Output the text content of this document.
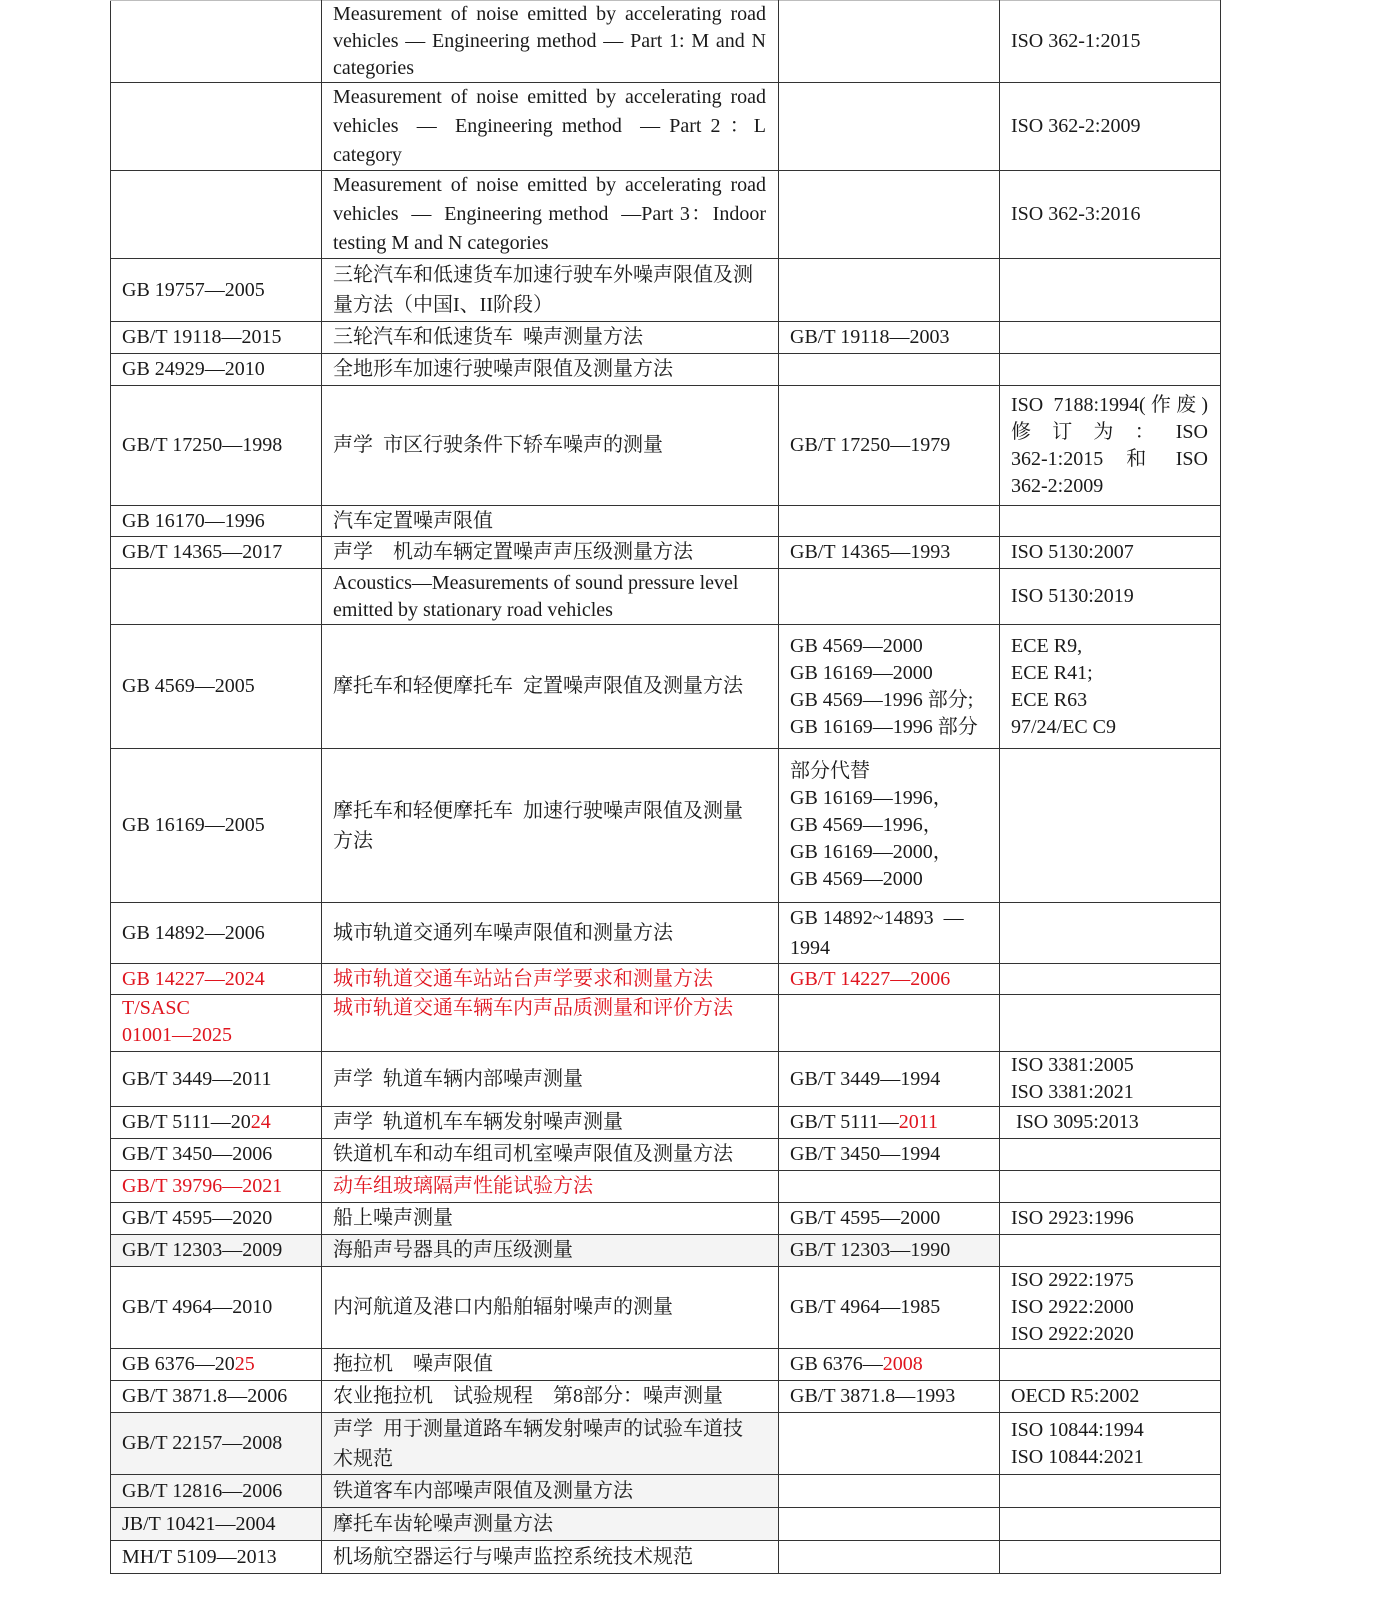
	Measurement of noise emitted by accelerating road
vehicles — Engineering method — Part 1: M and N
categories		ISO 362-1:2015

	Measurement of noise emitted by accelerating road
vehicles  —  Engineering method  — Part 2 ：L
category		ISO 362-2:2009

	Measurement of noise emitted by accelerating road
vehicles  —  Engineering method  —Part 3：Indoor
testing M and N categories		ISO 362-3:2016
GB 19757—2005	三轮汽车和低速货车加速行驶车外噪声限值及测
量方法（中国I、II阶段）		

GB/T 19118—2015	三轮汽车和低速货车  噪声测量方法	GB/T 19118—2003	
GB 24929—2010	全地形车加速行驶噪声限值及测量方法		
GB/T 17250—1998	声学  市区行驶条件下轿车噪声的测量	GB/T 17250—1979	ISO 7188:1994(作废)
修 订 为 ： ISO
362-1:2015  和  ISO
362-2:2009

GB 16170—1996	汽车定置噪声限值		
GB/T 14365—2017	声学    机动车辆定置噪声声压级测量方法	GB/T 14365—1993	ISO 5130:2007

	Acoustics—Measurements of sound pressure level
emitted by stationary road vehicles		ISO 5130:2019
GB 4569—2005	摩托车和轻便摩托车  定置噪声限值及测量方法	GB 4569—2000
GB 16169—2000
GB 4569—1996 部分;
GB 16169—1996 部分	ECE R9,
ECE R41;
ECE R63
97/24/EC C9

GB 16169—2005	摩托车和轻便摩托车  加速行驶噪声限值及测量
方法	部分代替
GB 16169—1996，
GB 4569—1996，
GB 16169—2000，
GB 4569—2000	

GB 14892—2006	城市轨道交通列车噪声限值和测量方法	GB 14892~14893  —
1994	

GB 14227—2024	城市轨道交通车站站台声学要求和测量方法	GB/T 14227—2006	

T/SASC
01001—2025	城市轨道交通车辆车内声品质测量和评价方法		
GB/T 3449—2011	声学  轨道车辆内部噪声测量	GB/T 3449—1994	ISO 3381:2005
ISO 3381:2021

GB/T 5111—2024	声学  轨道机车车辆发射噪声测量	GB/T 5111—2011	ISO 3095:2013
GB/T 3450—2006	铁道机车和动车组司机室噪声限值及测量方法	GB/T 3450—1994	
GB/T 39796—2021	动车组玻璃隔声性能试验方法		
GB/T 4595—2020	船上噪声测量	GB/T 4595—2000	ISO 2923:1996
GB/T 12303—2009	海船声号器具的声压级测量	GB/T 12303—1990	
GB/T 4964—2010	内河航道及港口内船舶辐射噪声的测量	GB/T 4964—1985	ISO 2922:1975
ISO 2922:2000
ISO 2922:2020

GB 6376—2025	拖拉机    噪声限值	GB 6376—2008	
GB/T 3871.8—2006	农业拖拉机    试验规程    第8部分：噪声测量	GB/T 3871.8—1993	OECD R5:2002
GB/T 22157—2008	声学  用于测量道路车辆发射噪声的试验车道技
术规范		ISO 10844:1994
ISO 10844:2021

GB/T 12816—2006	铁道客车内部噪声限值及测量方法		
JB/T 10421—2004	摩托车齿轮噪声测量方法		
MH/T 5109—2013	机场航空器运行与噪声监控系统技术规范		
